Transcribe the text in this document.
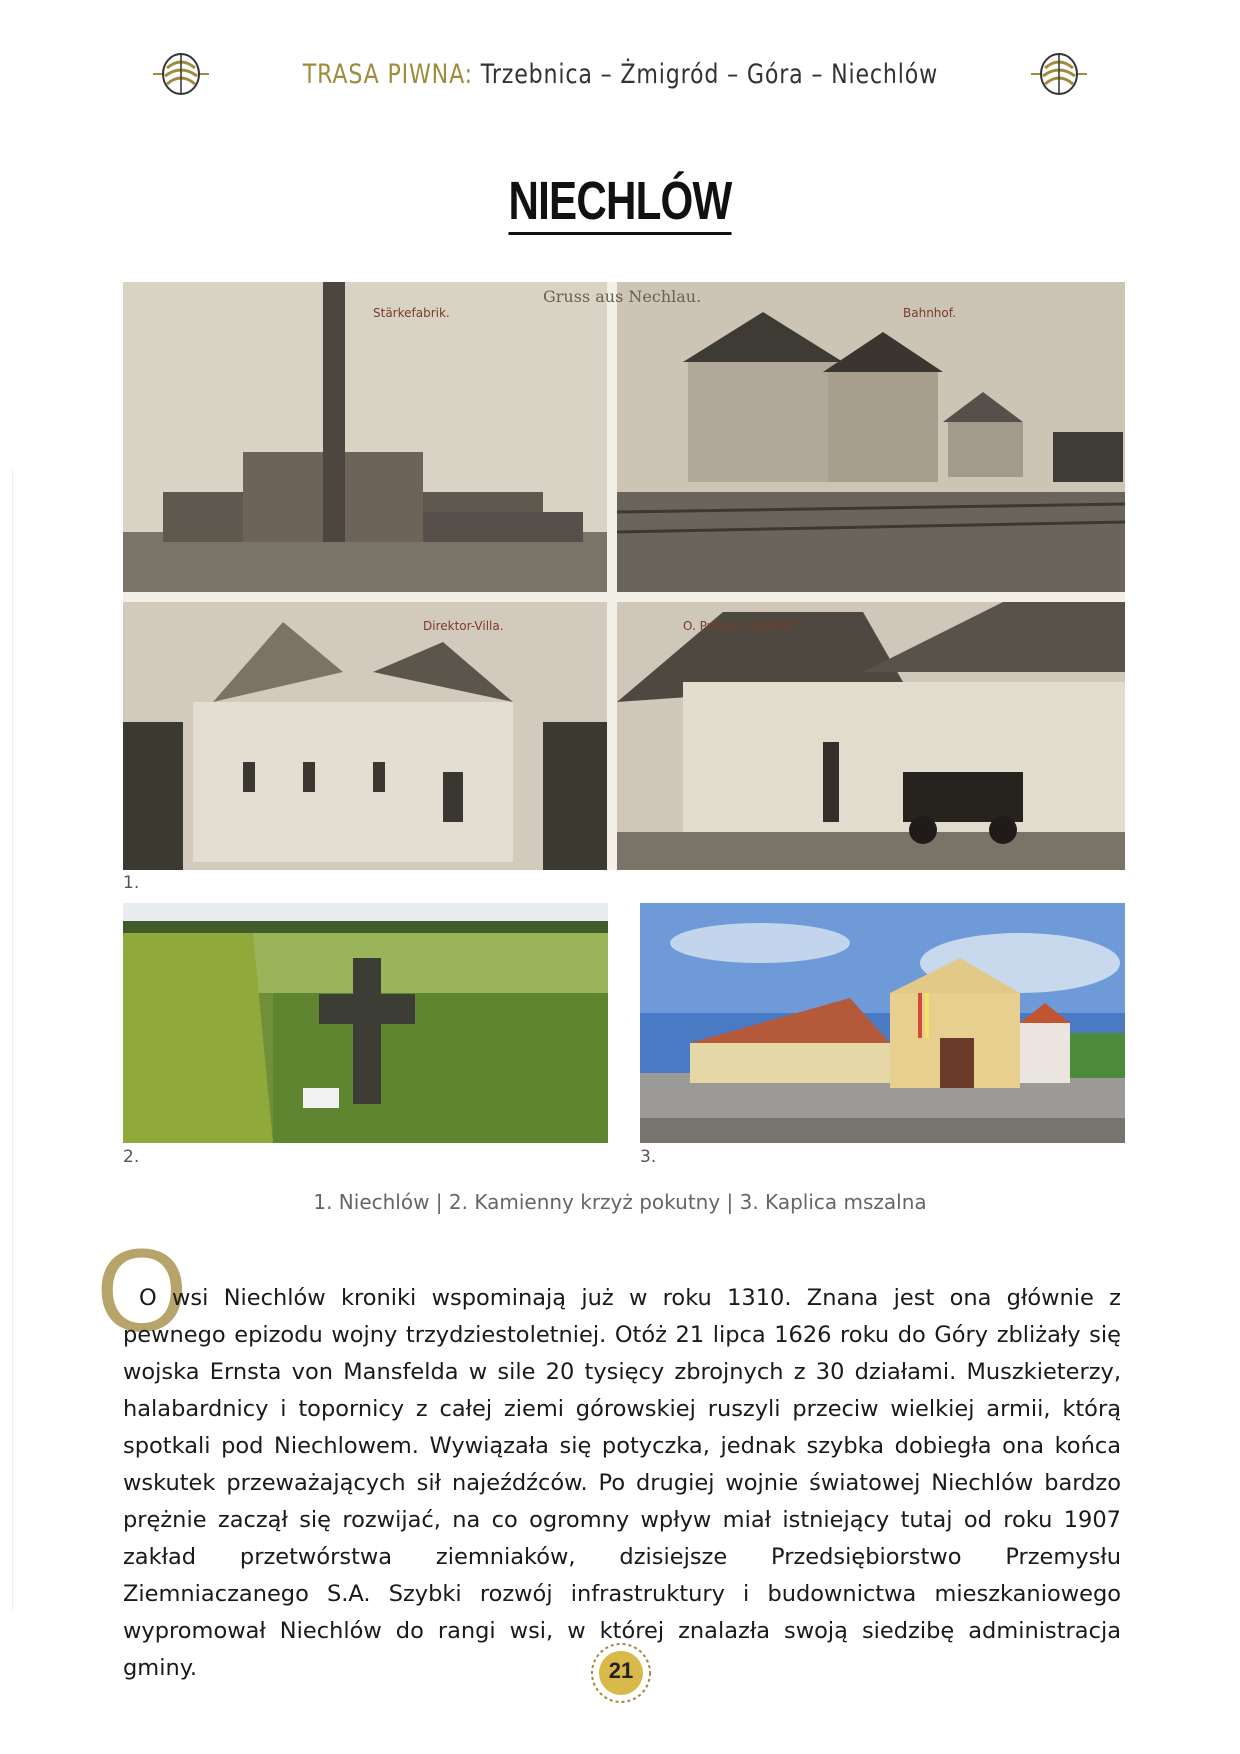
TRASA PIWNA: Trzebnica – Żmigród – Góra – Niechlów
NIECHLÓW
Gruss aus Nechlau.
Stärkefabrik.	Bahnhof.
Direktor-Villa.	O. Preuss, Gasthof.
1.
2.	3.
1. Niechlów | 2. Kamienny krzyż pokutny | 3. Kaplica mszalna
O

O wsi Niechlów kroniki wspominają już w roku 1310. Znana jest ona głównie z pewnego epizodu wojny trzydziestoletniej. Otóż 21 lipca 1626 roku do Góry zbliżały się wojska Ernsta von Mansfelda w sile 20 tysięcy zbrojnych z 30 działami. Muszkieterzy, halabardnicy i topornicy z całej ziemi górowskiej ruszyli przeciw wielkiej armii, którą spotkali pod Niechlowem. Wywiązała się potyczka, jednak szybka dobiegła ona końca wskutek przeważających sił najeźdźców. Po drugiej wojnie światowej Niechlów bardzo prężnie zaczął się rozwijać, na co ogromny wpływ miał istniejący tutaj od roku 1907 zakład przetwórstwa ziemniaków, dzisiejsze Przedsiębiorstwo Przemysłu Ziemniaczanego S.A. Szybki rozwój infrastruktury i budownictwa mieszkaniowego wypromował Niechlów do rangi wsi, w której znalazła swoją siedzibę administracja gminy.	21
